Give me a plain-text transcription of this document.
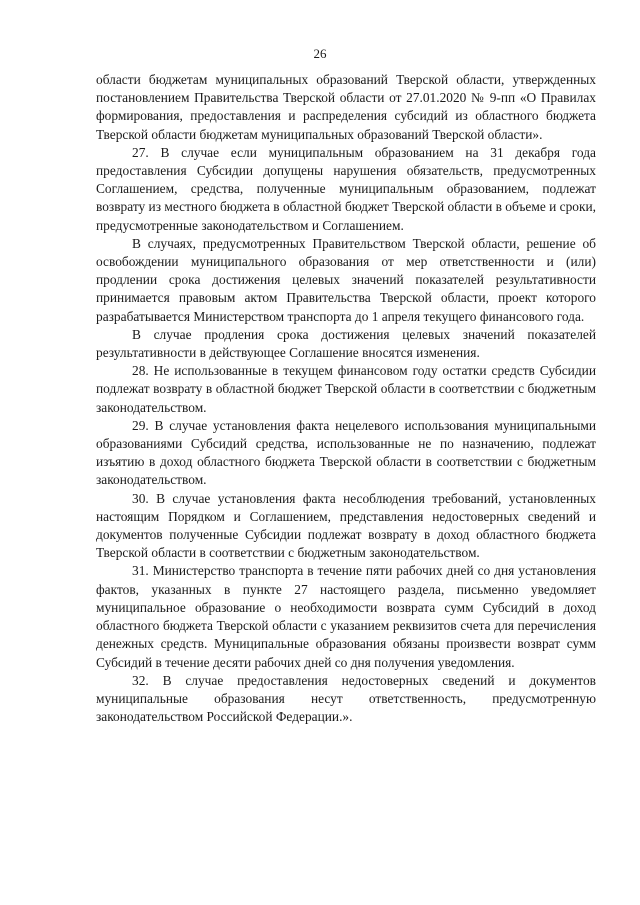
26

области бюджетам муниципальных образований Тверской области, утвержденных постановлением Правительства Тверской области от 27.01.2020 № 9-пп «О Правилах формирования, предоставления и распределения субсидий из областного бюджета Тверской области бюджетам муниципальных образований Тверской области».

27. В случае если муниципальным образованием на 31 декабря года предоставления Субсидии допущены нарушения обязательств, предусмотренных Соглашением, средства, полученные муниципальным образованием, подлежат возврату из местного бюджета в областной бюджет Тверской области в объеме и сроки, предусмотренные законодательством и Соглашением.

В случаях, предусмотренных Правительством Тверской области, решение об освобождении муниципального образования от мер ответственности и (или) продлении срока достижения целевых значений показателей результативности принимается правовым актом Правительства Тверской области, проект которого разрабатывается Министерством транспорта до 1 апреля текущего финансового года.

В случае продления срока достижения целевых значений показателей результативности в действующее Соглашение вносятся изменения.

28. Не использованные в текущем финансовом году остатки средств Субсидии подлежат возврату в областной бюджет Тверской области в соответствии с бюджетным законодательством.

29. В случае установления факта нецелевого использования муниципальными образованиями Субсидий средства, использованные не по назначению, подлежат изъятию в доход областного бюджета Тверской области в соответствии с бюджетным законодательством.

30. В случае установления факта несоблюдения требований, установленных настоящим Порядком и Соглашением, представления недостоверных сведений и документов полученные Субсидии подлежат возврату в доход областного бюджета Тверской области в соответствии с бюджетным законодательством.

31. Министерство транспорта в течение пяти рабочих дней со дня установления фактов, указанных в пункте 27 настоящего раздела, письменно уведомляет муниципальное образование о необходимости возврата сумм Субсидий в доход областного бюджета Тверской области с указанием реквизитов счета для перечисления денежных средств. Муниципальные образования обязаны произвести возврат сумм Субсидий в течение десяти рабочих дней со дня получения уведомления.

32. В случае предоставления недостоверных сведений и документов муниципальные образования несут ответственность, предусмотренную законодательством Российской Федерации.».
